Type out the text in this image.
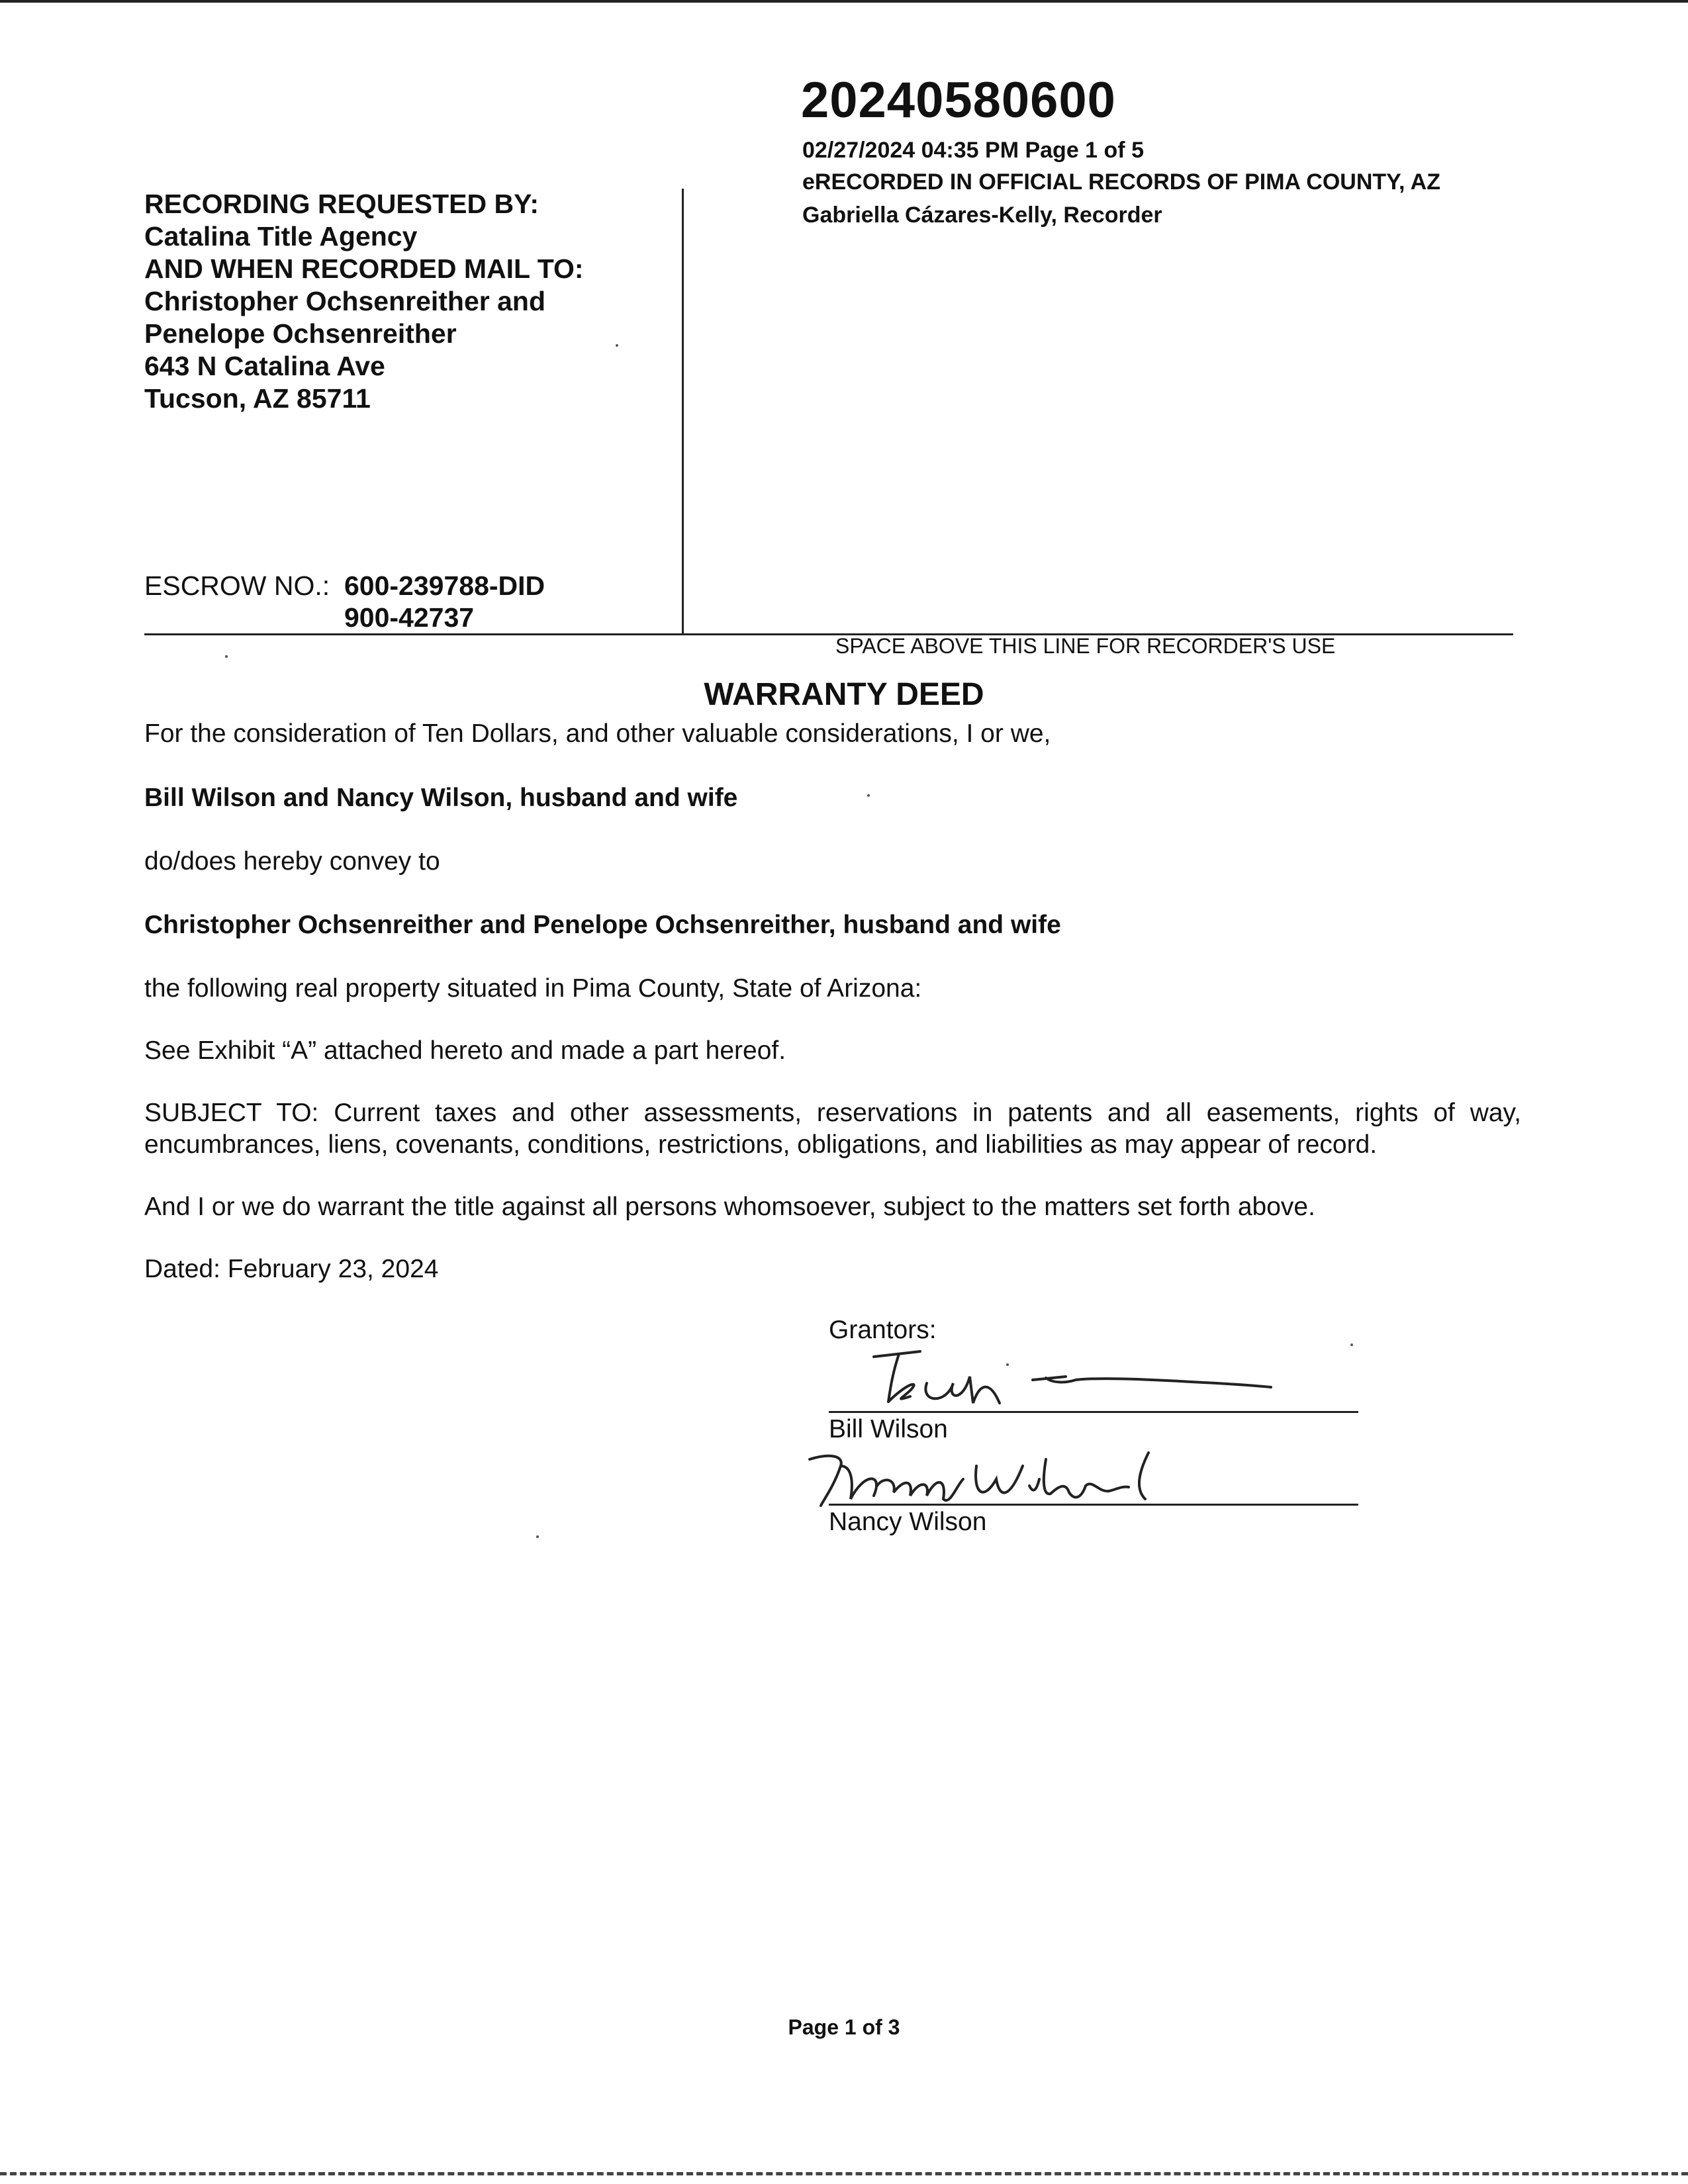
20240580600
02/27/2024 04:35 PM Page 1 of 5
eRECORDED IN OFFICIAL RECORDS OF PIMA COUNTY, AZ
Gabriella Cázares-Kelly, Recorder
RECORDING REQUESTED BY:
Catalina Title Agency
AND WHEN RECORDED MAIL TO:
Christopher Ochsenreither and
Penelope Ochsenreither
643 N Catalina Ave
Tucson, AZ 85711
ESCROW NO.: 600-239788-DID
900-42737
SPACE ABOVE THIS LINE FOR RECORDER'S USE
WARRANTY DEED
For the consideration of Ten Dollars, and other valuable considerations, I or we,
Bill Wilson and Nancy Wilson, husband and wife
do/does hereby convey to
Christopher Ochsenreither and Penelope Ochsenreither, husband and wife
the following real property situated in Pima County, State of Arizona:
See Exhibit “A” attached hereto and made a part hereof.
SUBJECT TO: Current taxes and other assessments, reservations in patents and all easements, rights of way, encumbrances, liens, covenants, conditions, restrictions, obligations, and liabilities as may appear of record.
And I or we do warrant the title against all persons whomsoever, subject to the matters set forth above.
Dated: February 23, 2024
Grantors:
Bill Wilson
Nancy Wilson
Page 1 of 3
